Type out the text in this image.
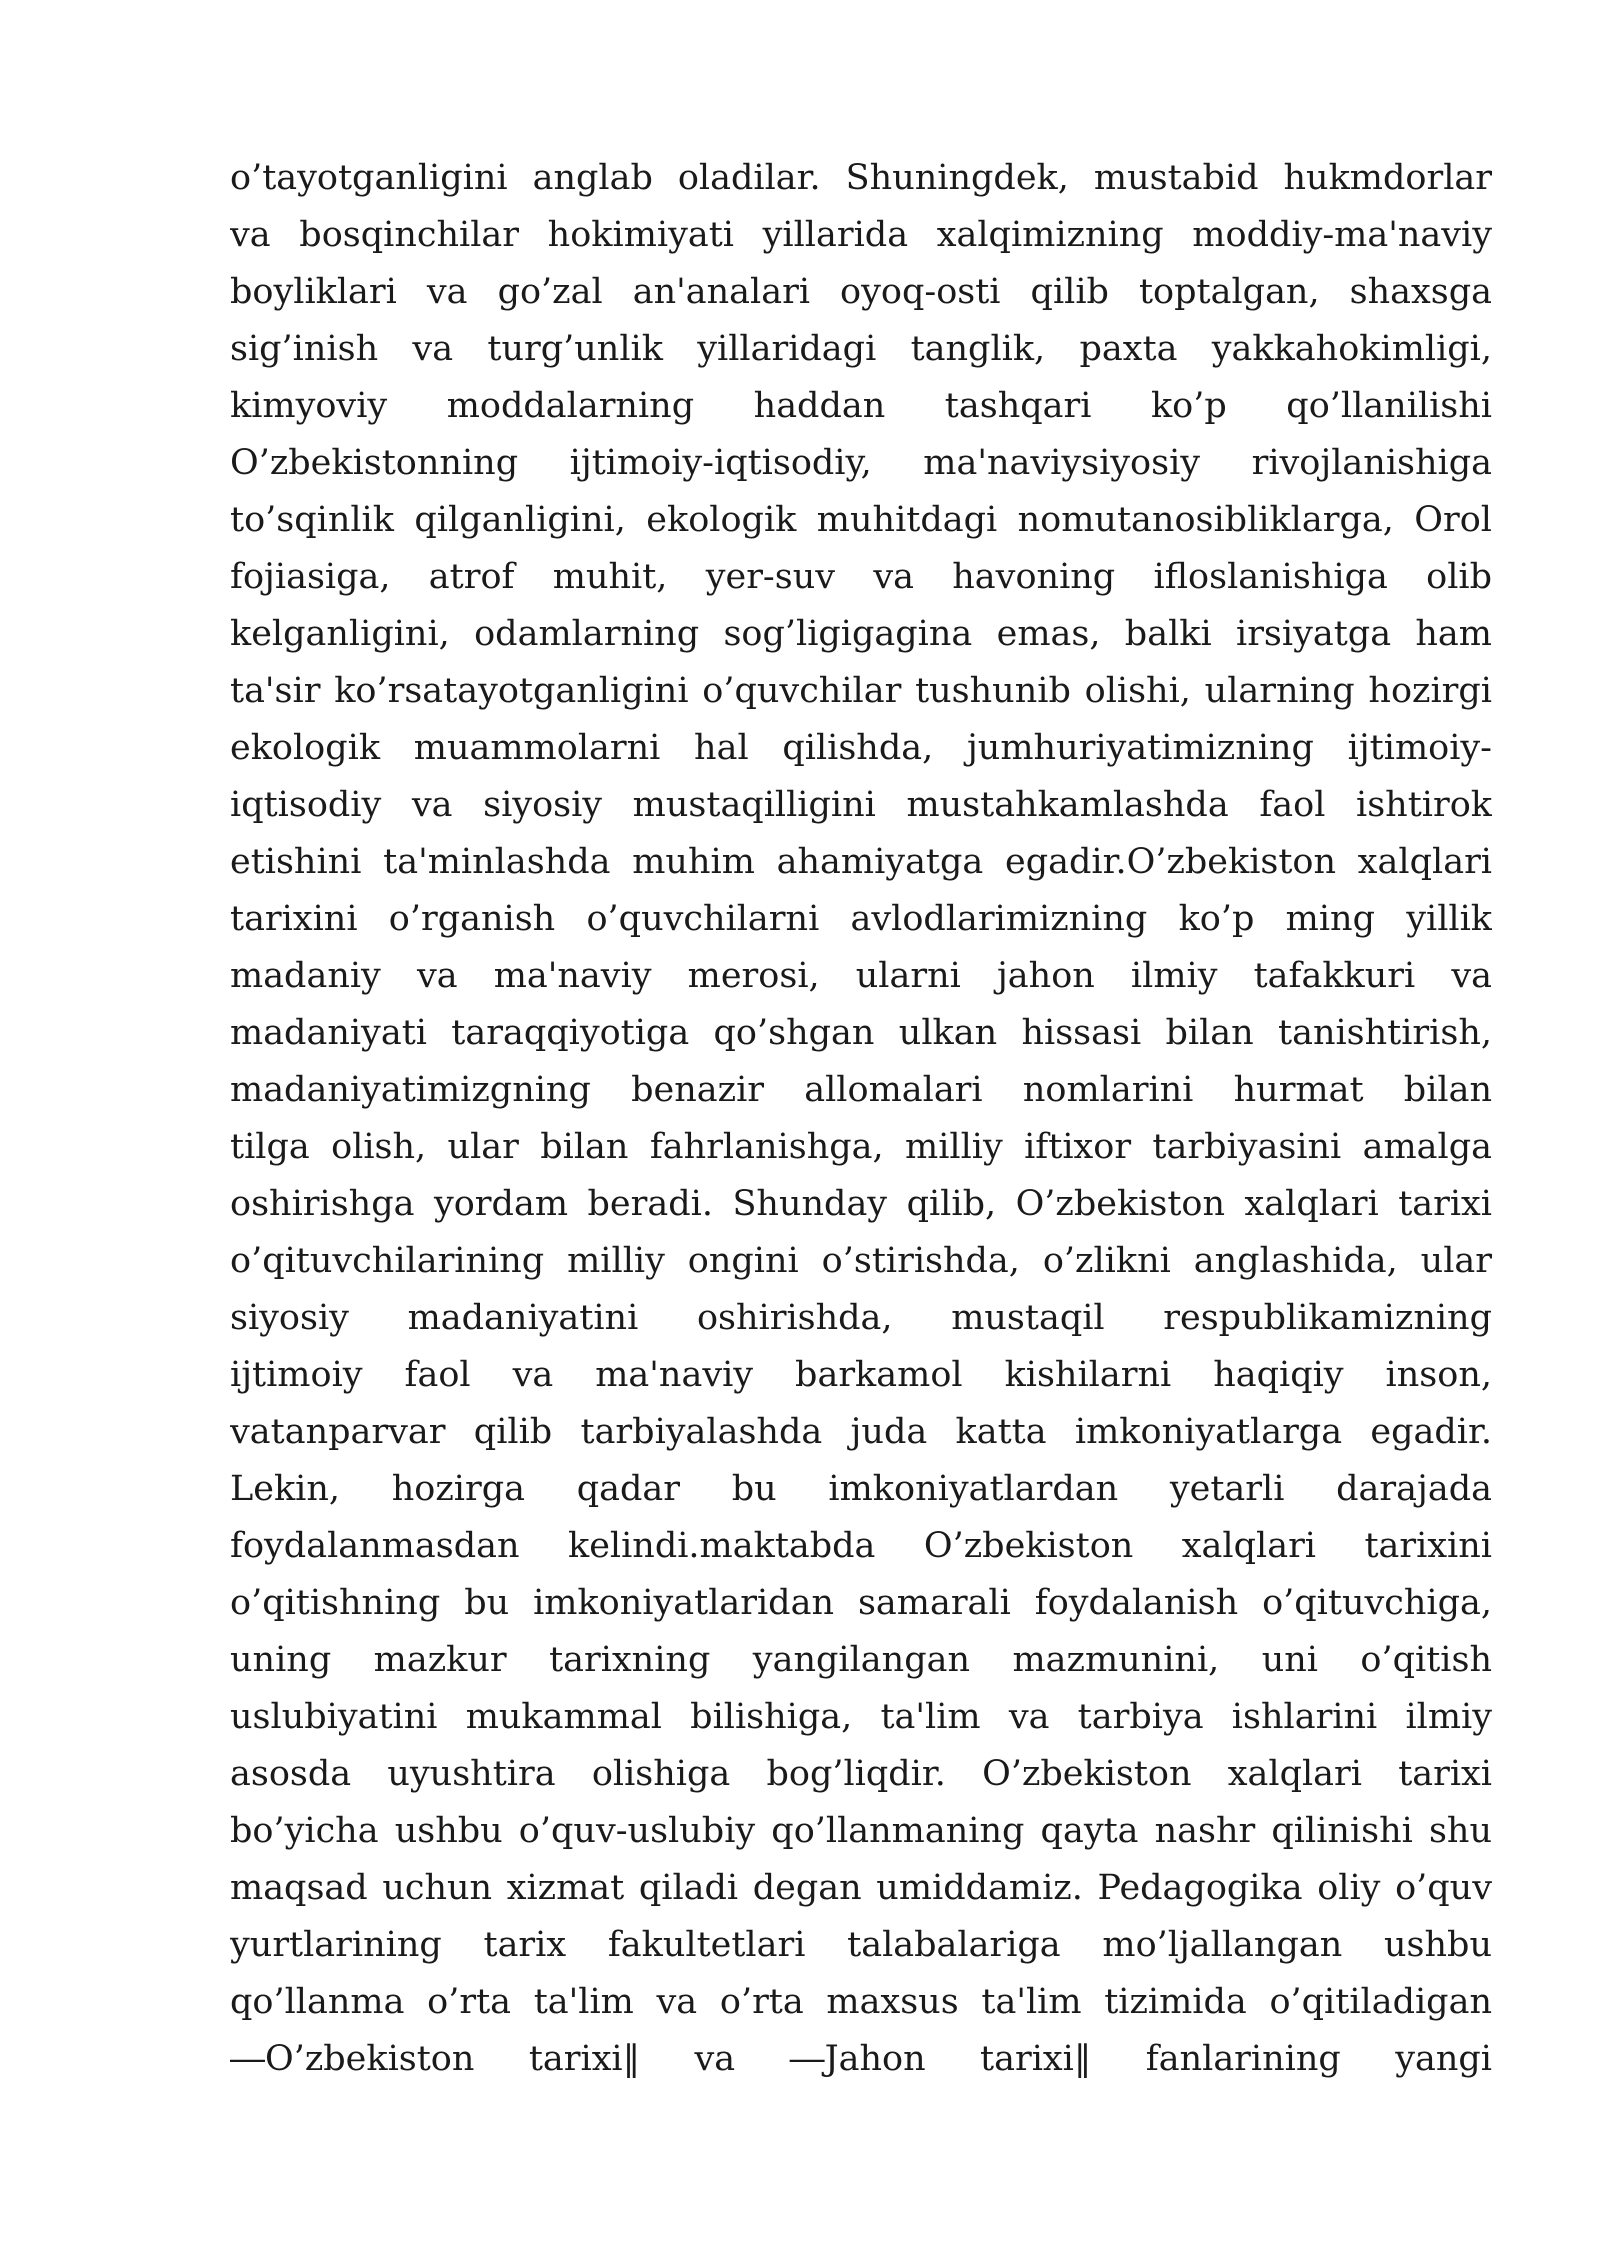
o’tayotganligini anglab oladilar. Shuningdek, mustabid hukmdorlar
va bosqinchilar hokimiyati yillarida xalqimizning moddiy-ma'naviy
boyliklari va go’zal an'analari oyoq-osti qilib toptalgan, shaxsga
sig’inish va turg’unlik yillaridagi tanglik, paxta yakkahokimligi,
kimyoviy moddalarning haddan tashqari ko’p qo’llanilishi
O’zbekistonning ijtimoiy-iqtisodiy, ma'naviysiyosiy rivojlanishiga
to’sqinlik qilganligini, ekologik muhitdagi nomutanosibliklarga, Orol
fojiasiga, atrof muhit, yer-suv va havoning ifloslanishiga olib
kelganligini, odamlarning sog’ligigagina emas, balki irsiyatga ham
ta'sir ko’rsatayotganligini o’quvchilar tushunib olishi, ularning hozirgi
ekologik muammolarni hal qilishda, jumhuriyatimizning ijtimoiy-
iqtisodiy va siyosiy mustaqilligini mustahkamlashda faol ishtirok
etishini ta'minlashda muhim ahamiyatga egadir.O’zbekiston xalqlari
tarixini o’rganish o’quvchilarni avlodlarimizning ko’p ming yillik
madaniy va ma'naviy merosi, ularni jahon ilmiy tafakkuri va
madaniyati taraqqiyotiga qo’shgan ulkan hissasi bilan tanishtirish,
madaniyatimizgning benazir allomalari nomlarini hurmat bilan
tilga olish, ular bilan fahrlanishga, milliy iftixor tarbiyasini amalga
oshirishga yordam beradi. Shunday qilib, O’zbekiston xalqlari tarixi
o’qituvchilarining milliy ongini o’stirishda, o’zlikni anglashida, ular
siyosiy madaniyatini oshirishda, mustaqil respublikamizning
ijtimoiy faol va ma'naviy barkamol kishilarni haqiqiy inson,
vatanparvar qilib tarbiyalashda juda katta imkoniyatlarga egadir.
Lekin, hozirga qadar bu imkoniyatlardan yetarli darajada
foydalanmasdan kelindi.maktabda O’zbekiston xalqlari tarixini
o’qitishning bu imkoniyatlaridan samarali foydalanish o’qituvchiga,
uning mazkur tarixning yangilangan mazmunini, uni o’qitish
uslubiyatini mukammal bilishiga, ta'lim va tarbiya ishlarini ilmiy
asosda uyushtira olishiga bog’liqdir. O’zbekiston xalqlari tarixi
bo’yicha ushbu o’quv-uslubiy qo’llanmaning qayta nashr qilinishi shu
maqsad uchun xizmat qiladi degan umiddamiz. Pedagogika oliy o’quv
yurtlarining tarix fakultetlari talabalariga mo’ljallangan ushbu
qo’llanma o’rta ta'lim va o’rta maxsus ta'lim tizimida o’qitiladigan
―O’zbekiston tarixi‖ va ―Jahon tarixi‖ fanlarining yangi
